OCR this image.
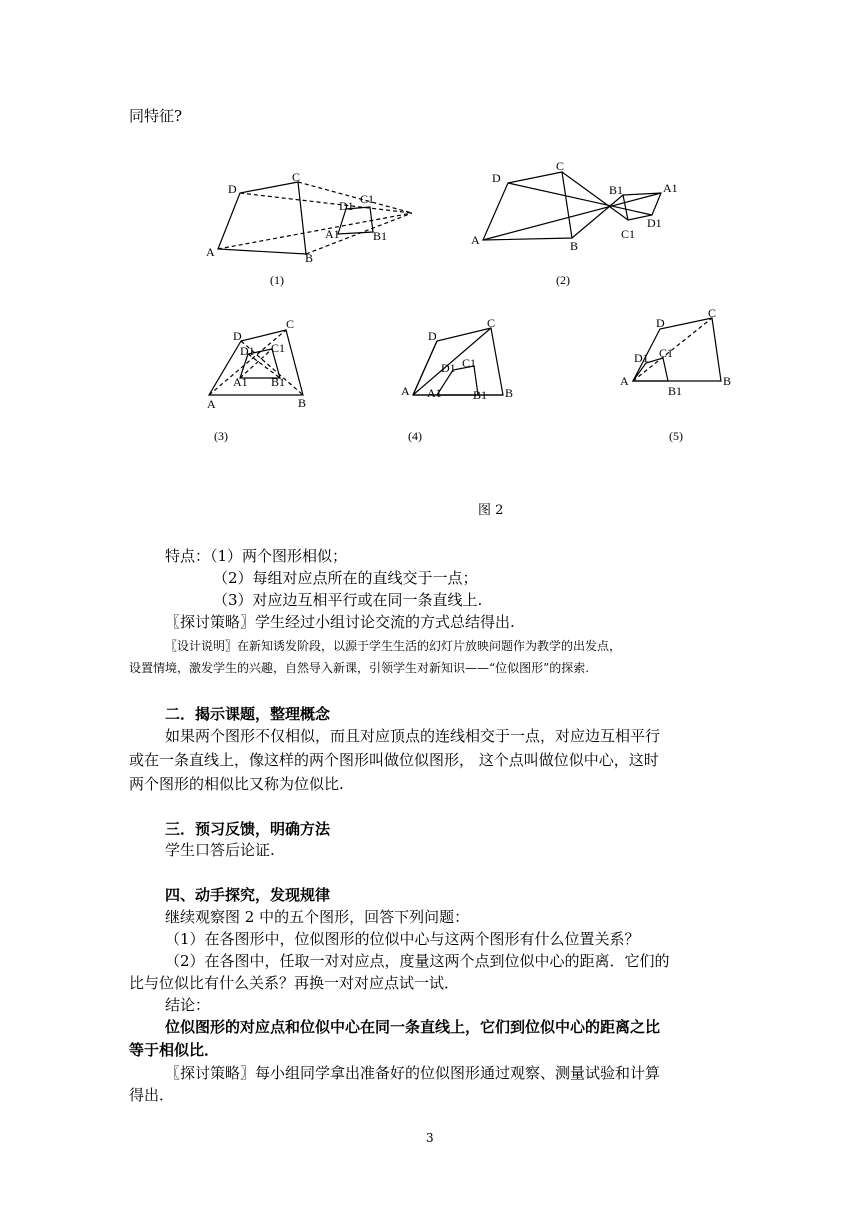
同特征?
A
D
C
B
A1
D1 C1
B1	A
D
C
B
B1	A1
D1
C1
(1)	(2)
A
D
C
B
D1 C1
A1 B1
A
D
C
B
D1 C1
A1	B1
A
D
C
B
D1 C1
B1
(3)	(4)	(5)
图 2
特点：（1）两个图形相似；
（2）每组对应点所在的直线交于一点；
（3）对应边互相平行或在同一条直线上.
〖探讨策略〗学生经过小组讨论交流的方式总结得出.
〖设计说明〗在新知诱发阶段，以源于学生生活的幻灯片放映问题作为教学的出发点，
设置情境，激发学生的兴趣，自然导入新课，引领学生对新知识——“位似图形”的探索.
二．揭示课题，整理概念
如果两个图形不仅相似，而且对应顶点的连线相交于一点，对应边互相平行
或在一条直线上，像这样的两个图形叫做位似图形， 这个点叫做位似中心，这时
两个图形的相似比又称为位似比.
三．预习反馈，明确方法
学生口答后论证.
四、动手探究，发现规律
继续观察图 2 中的五个图形，回答下列问题：
（1）在各图形中，位似图形的位似中心与这两个图形有什么位置关系？
（2）在各图中，任取一对对应点，度量这两个点到位似中心的距离．它们的
比与位似比有什么关系？再换一对对应点试一试．
结论：
位似图形的对应点和位似中心在同一条直线上，它们到位似中心的距离之比
等于相似比．
〖探讨策略〗每小组同学拿出准备好的位似图形通过观察、测量试验和计算
得出．
3
